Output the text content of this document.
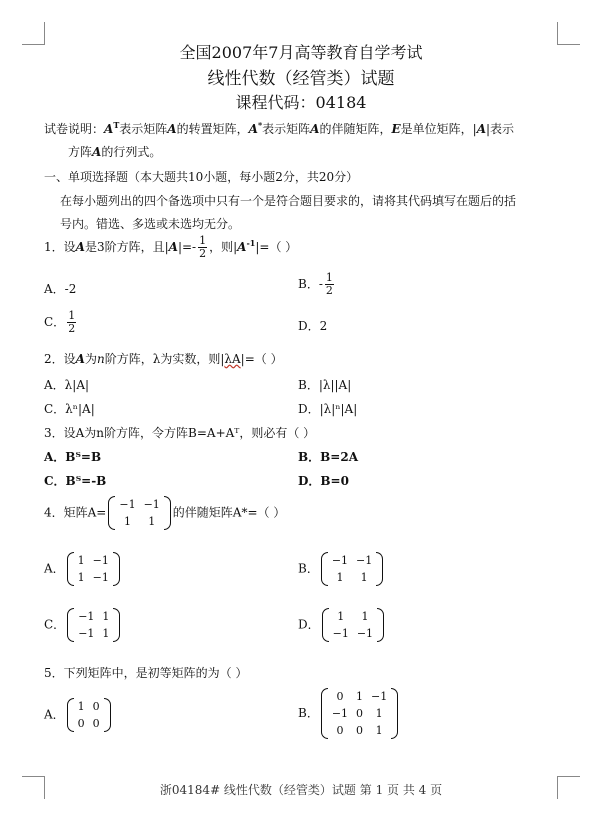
全国2007年7月高等教育自学考试
线性代数（经管类）试题
课程代码：04184
试卷说明：$A^T$表示矩阵A的转置矩阵，A*表示矩阵A的伴随矩阵，E是单位矩阵，|A|表示
方阵A的行列式。
一、单项选择题（本大题共10小题，每小题2分，共20分）
在每小题列出的四个备选项中只有一个是符合题目要求的，请将其代码填写在题后的括
号内。错选、多选或未选均无分。
1．设A是3阶方阵，且$|A|=- \frac{1}{2}$ ，则$|A^{-1}|=$（ ）
A．-2	B．- $\frac{1}{2}$
C． $\frac{1}{2}$	D．2
2．设A为n阶方阵，λ为实数，则|λA|=（ ）
A．λ|A|	B．|λ||A|
C．λⁿ|A|	D．|λ|ⁿ|A|
3．设A为n阶方阵，令方阵B=A+Aᵀ，则必有（ ）
A．Bᵀ=B	B．B=2A
C．Bᵀ=-B	D．B=0
4．矩阵A=
−1	−1
1	1
的伴随矩阵A*=（ ）
A．
1	−1
1	−1
B．
−1	−1
1	1
C．
−1	1
−1	1
D．
1	1
−1	−1
5．下列矩阵中，是初等矩阵的为（ ）
A．
1	0
0	0
B．
0	1	−1
−1	0	1
0	0	1
浙04184# 线性代数（经管类）试题 第 1 页 共 4 页
